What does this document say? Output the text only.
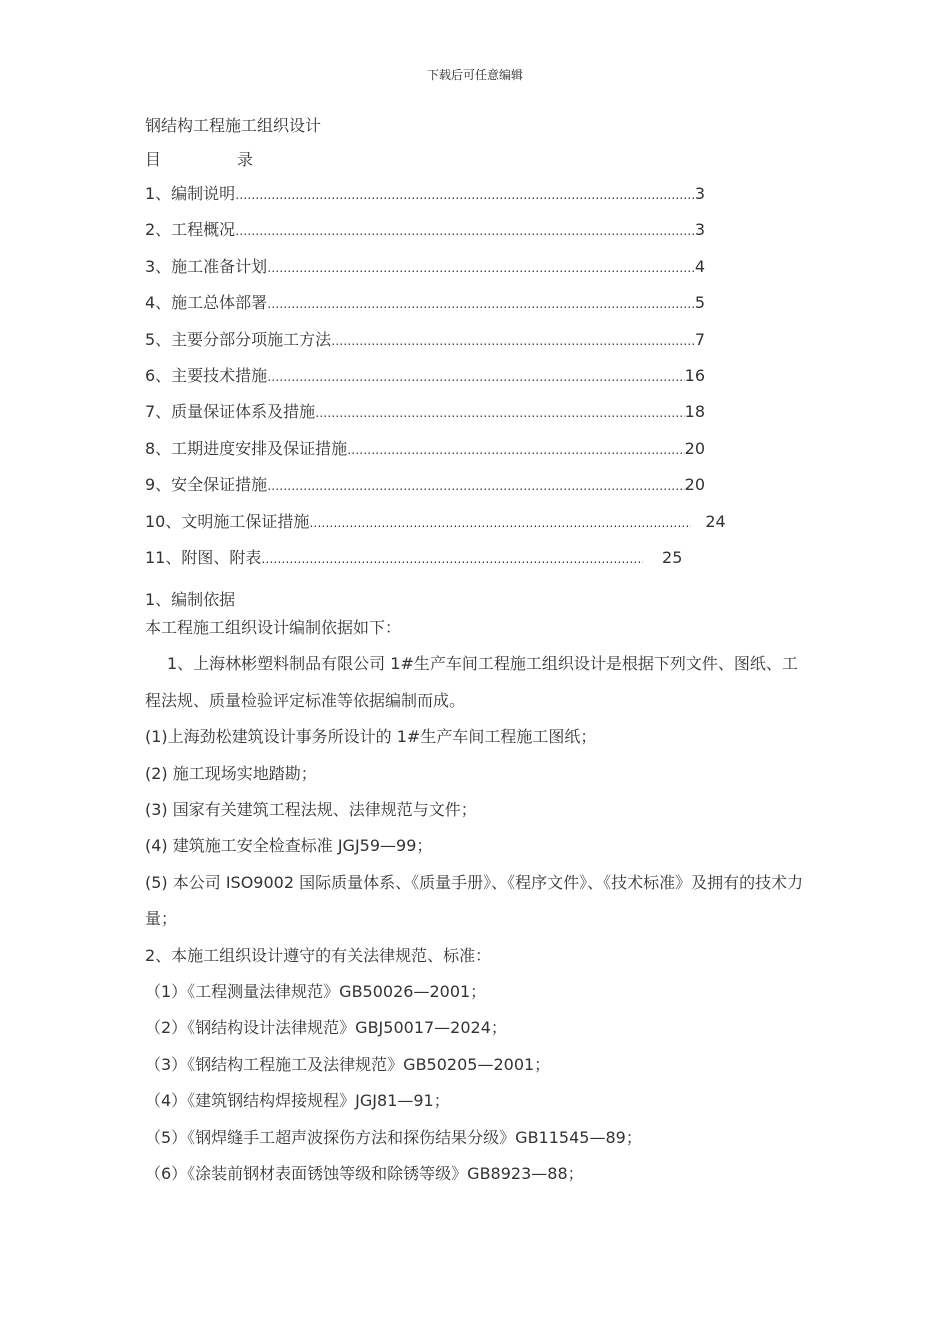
下载后可任意编辑

钢结构工程施工组织设计

目	录

1、编制说明 …………………………………………………………………………………………………………………………………………………………	3
2、工程概况 …………………………………………………………………………………………………………………………………………………………	3
3、施工准备计划 …………………………………………………………………………………………………………………………………………………………	4
4、施工总体部署 …………………………………………………………………………………………………………………………………………………………	5
5、主要分部分项施工方法 …………………………………………………………………………………………………………………………………………………………	7
6、主要技术措施 …………………………………………………………………………………………………………………………………………………………	16
7、质量保证体系及措施 …………………………………………………………………………………………………………………………………………………………	18
8、工期进度安排及保证措施 …………………………………………………………………………………………………………………………………………………………	20
9、安全保证措施 …………………………………………………………………………………………………………………………………………………………	20
10、文明施工保证措施 …………………………………………………………………………………………………………………………………………………………	24
11、附图、附表 …………………………………………………………………………………………………………………………………………………………	25

1、编制依据

本工程施工组织设计编制依据如下：

1、上海林彬塑料制品有限公司 1#生产车间工程施工组织设计是根据下列文件、图纸、工程法规、质量检验评定标准等依据编制而成。

(1)上海劲松建筑设计事务所设计的 1#生产车间工程施工图纸；

(2) 施工现场实地踏勘；

(3) 国家有关建筑工程法规、法律规范与文件；

(4) 建筑施工安全检查标准 JGJ59—99；

(5) 本公司 ISO9002 国际质量体系、《质量手册》、《程序文件》、《技术标准》及拥有的技术力量；

2、本施工组织设计遵守的有关法律规范、标准：

（1）《工程测量法律规范》GB50026—2001；

（2）《钢结构设计法律规范》GBJ50017—2024；

（3）《钢结构工程施工及法律规范》GB50205—2001；

（4）《建筑钢结构焊接规程》JGJ81—91；

（5）《钢焊缝手工超声波探伤方法和探伤结果分级》GB11545—89；

（6）《涂装前钢材表面锈蚀等级和除锈等级》GB8923—88；
